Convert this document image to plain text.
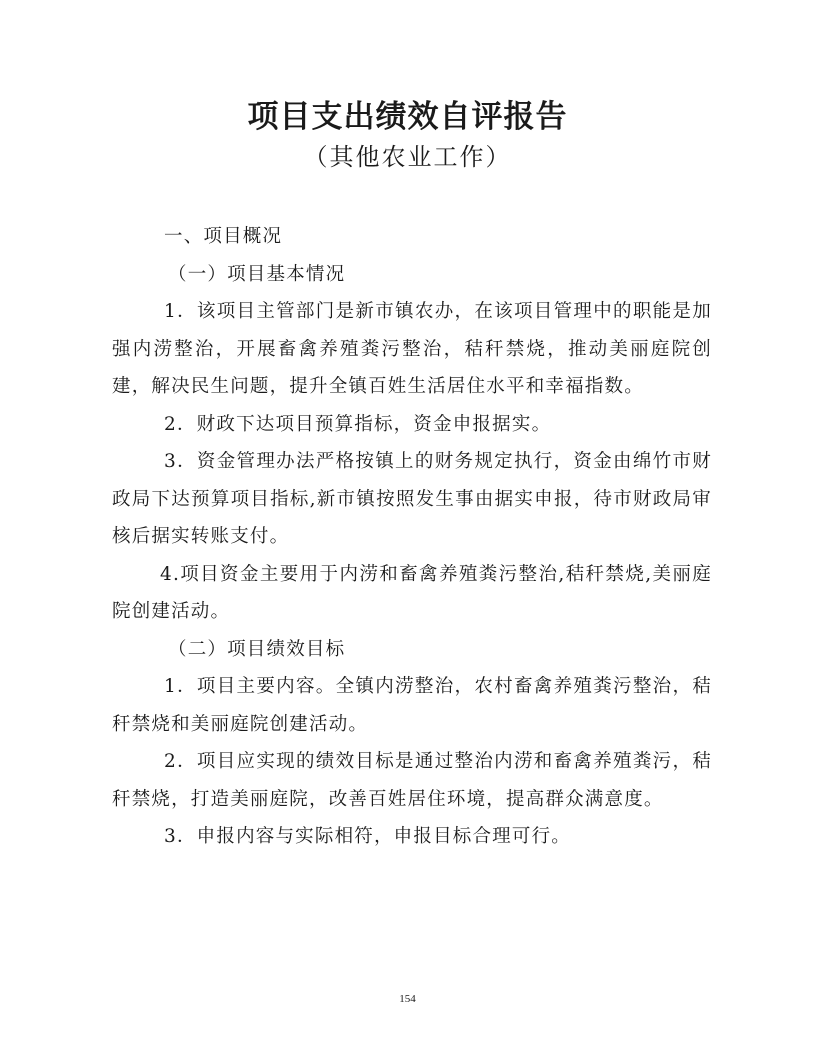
项目支出绩效自评报告
（其他农业工作）

一、项目概况

（一）项目基本情况

1．该项目主管部门是新市镇农办，在该项目管理中的职能是加强内涝整治，开展畜禽养殖粪污整治，秸秆禁烧，推动美丽庭院创建，解决民生问题，提升全镇百姓生活居住水平和幸福指数。

2．财政下达项目预算指标，资金申报据实。

3．资金管理办法严格按镇上的财务规定执行，资金由绵竹市财政局下达预算项目指标,新市镇按照发生事由据实申报，待市财政局审核后据实转账支付。

4.项目资金主要用于内涝和畜禽养殖粪污整治,秸秆禁烧,美丽庭院创建活动。

（二）项目绩效目标

1．项目主要内容。全镇内涝整治，农村畜禽养殖粪污整治，秸秆禁烧和美丽庭院创建活动。

2．项目应实现的绩效目标是通过整治内涝和畜禽养殖粪污，秸秆禁烧，打造美丽庭院，改善百姓居住环境，提高群众满意度。

3．申报内容与实际相符，申报目标合理可行。

154
